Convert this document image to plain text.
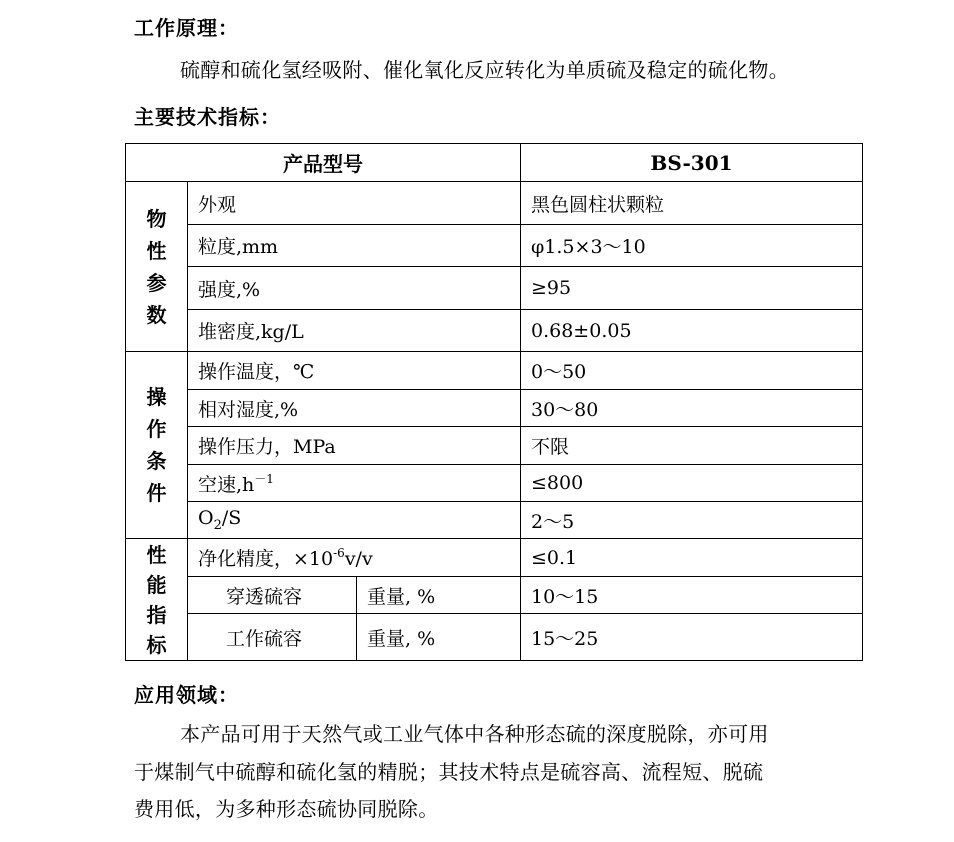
工作原理：
硫醇和硫化氢经吸附、催化氧化反应转化为单质硫及稳定的硫化物。
主要技术指标：
产品型号			BS-301

物
性
参
数	外观		黑色圆柱状颗粒
	粒度,mm		φ1.5×3～10
	强度,%		≥95
	堆密度,kg/L		0.68±0.05

操
作
条
件	操作温度，℃		0～50
	相对湿度,%		30～80
	操作压力，MPa		不限
	空速$,h^{-1}$		≤800
	$O_2/S$		2～5

性
能
指
标	净化精度，$\times 10^{-6}v/v$		≤0.1
	穿透硫容	重量, %	10～15
	工作硫容	重量, %	15～25
应用领域：
本产品可用于天然气或工业气体中各种形态硫的深度脱除，亦可用
于煤制气中硫醇和硫化氢的精脱；其技术特点是硫容高、流程短、脱硫
费用低，为多种形态硫协同脱除。
